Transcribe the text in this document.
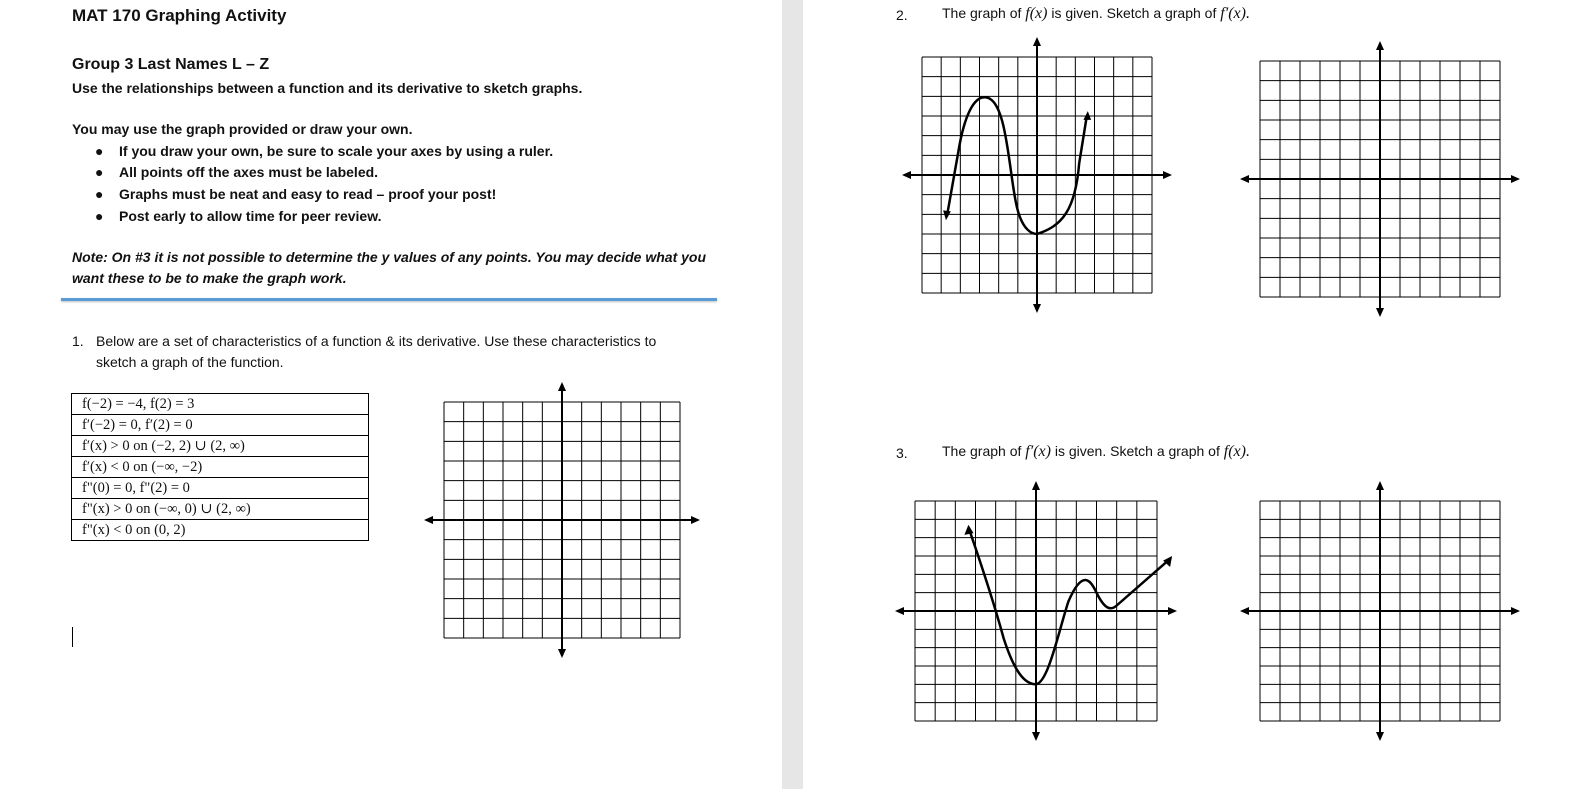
MAT 170 Graphing Activity
Group 3 Last Names L – Z
Use the relationships between a function and its derivative to sketch graphs.
You may use the graph provided or draw your own.
● If you draw your own, be sure to scale your axes by using a ruler.
● All points off the axes must be labeled.
● Graphs must be neat and easy to read – proof your post!
● Post early to allow time for peer review.
Note: On #3 it is not possible to determine the y values of any points. You may decide what you
want these to be to make the graph work.
1. Below are a set of characteristics of a function & its derivative. Use these characteristics to
sketch a graph of the function.
f(−2) = −4, f(2) = 3
f′(−2) = 0, f′(2) = 0
f′(x) > 0 on (−2, 2) ∪ (2, ∞)
f′(x) < 0 on (−∞, −2)
f"(0) = 0, f"(2) = 0
f"(x) > 0 on (−∞, 0) ∪ (2, ∞)
f"(x) < 0 on (0, 2)
2. The graph of f(x) is given. Sketch a graph of f′(x).
3. The graph of f′(x) is given. Sketch a graph of f(x).
